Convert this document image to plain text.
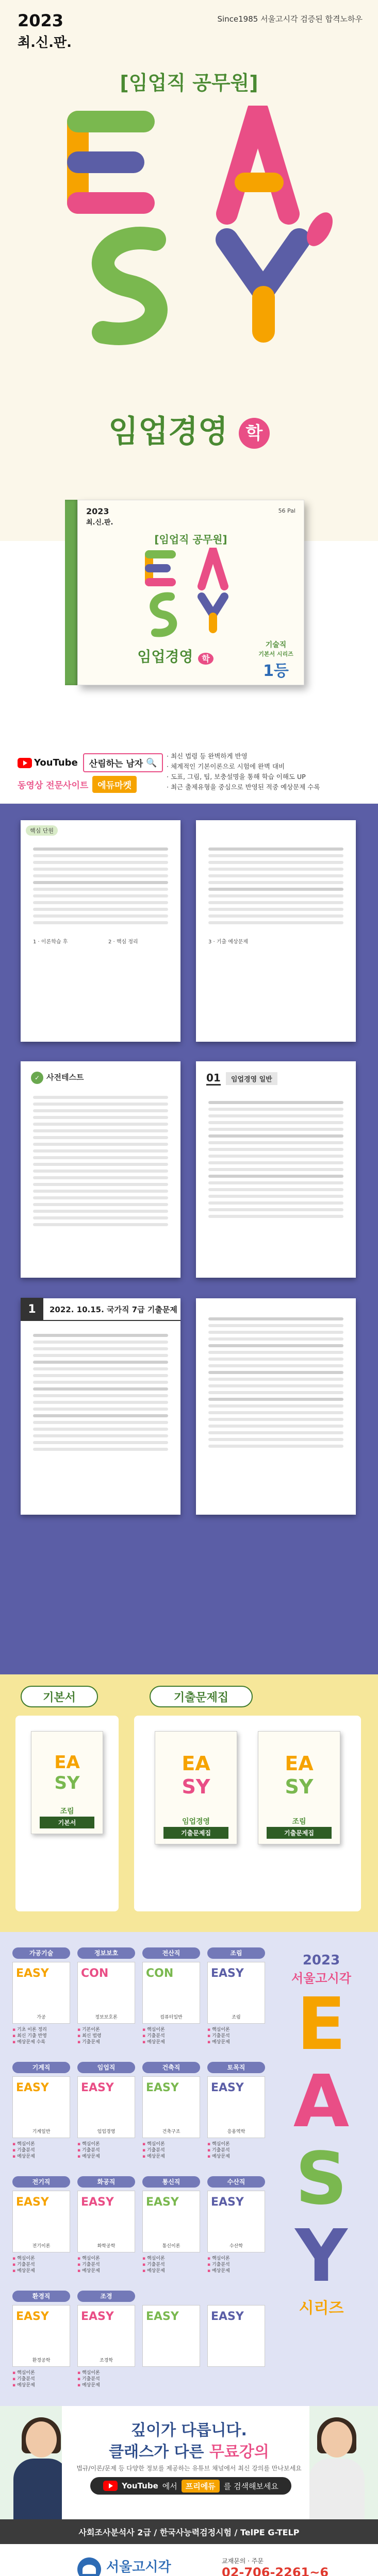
2023
최.신.판.
Since1985 서울고시각 검증된 합격노하우
[임업직 공무원]
임업경영 학
2023
최.신.판.
56 Pal
[임업직 공무원]
임업경영 학
기술직
기본서 시리즈
1등
YouTube 산림하는 남자 🔍
동영상 전문사이트	에듀마켓
· 최신 법령 등 완벽하게 반영
· 체계적인 기본이론으로 시험에 완벽 대비
· 도표, 그림, 팁, 보충설명을 통해 학습 이해도 UP
· 최근 출제유형을 중심으로 반영된 적중 예상문제 수록
핵심 단원
1 · 이론학습 후	2 · 핵심 정리	3 · 기출 예상문제
✓ 사전테스트	01	임업경영 일반
1	2022. 10.15. 국가직 7급 기출문제
기본서	기출문제집
EA
SY
조림
기본서
EA
SY
임업경영
기출문제집
EA
SY
조림
기출문제집
가공기술
EASY
가공
▪ 기초 이론 정리
▪ 최신 기출 반영
▪ 예상문제 수록
정보보호
CON
정보보호론
▪ 기본이론
▪ 최신 법령
▪ 기출문제
전산직
CON
컴퓨터일반
▪ 핵심이론
▪ 기출분석
▪ 예상문제
조림
EASY
조림
▪ 핵심이론
▪ 기출분석
▪ 예상문제
기계직
EASY
기계일반
▪ 핵심이론
▪ 기출분석
▪ 예상문제
임업직
EASY
임업경영
▪ 핵심이론
▪ 기출분석
▪ 예상문제
건축직
EASY
건축구조
▪ 핵심이론
▪ 기출분석
▪ 예상문제
토목직
EASY
응용역학
▪ 핵심이론
▪ 기출분석
▪ 예상문제
전기직
EASY
전기이론
▪ 핵심이론
▪ 기출분석
▪ 예상문제
화공직
EASY
화학공학
▪ 핵심이론
▪ 기출분석
▪ 예상문제
통신직
EASY
통신이론
▪ 핵심이론
▪ 기출분석
▪ 예상문제
수산직
EASY
수산학
▪ 핵심이론
▪ 기출분석
▪ 예상문제
환경직
EASY
환경공학
▪ 핵심이론
▪ 기출분석
▪ 예상문제
조경
EASY
조경학
▪ 핵심이론
▪ 기출분석
▪ 예상문제
EASY	EASY
2023
서울고시각
E
A
S
Y
시리즈
깊이가 다릅니다.
클래스가 다른 무료강의
법규/이론/문제 등 다양한 정보를 제공하는 유튜브 채널에서 최신 강의를 만나보세요
YouTube 에서	프리에듀	를 검색해보세요
사회조사분석사 2급 / 한국사능력검정시험 / TelPE G-TELP
서울고시각	교재문의 · 주문
02-706-2261~6
